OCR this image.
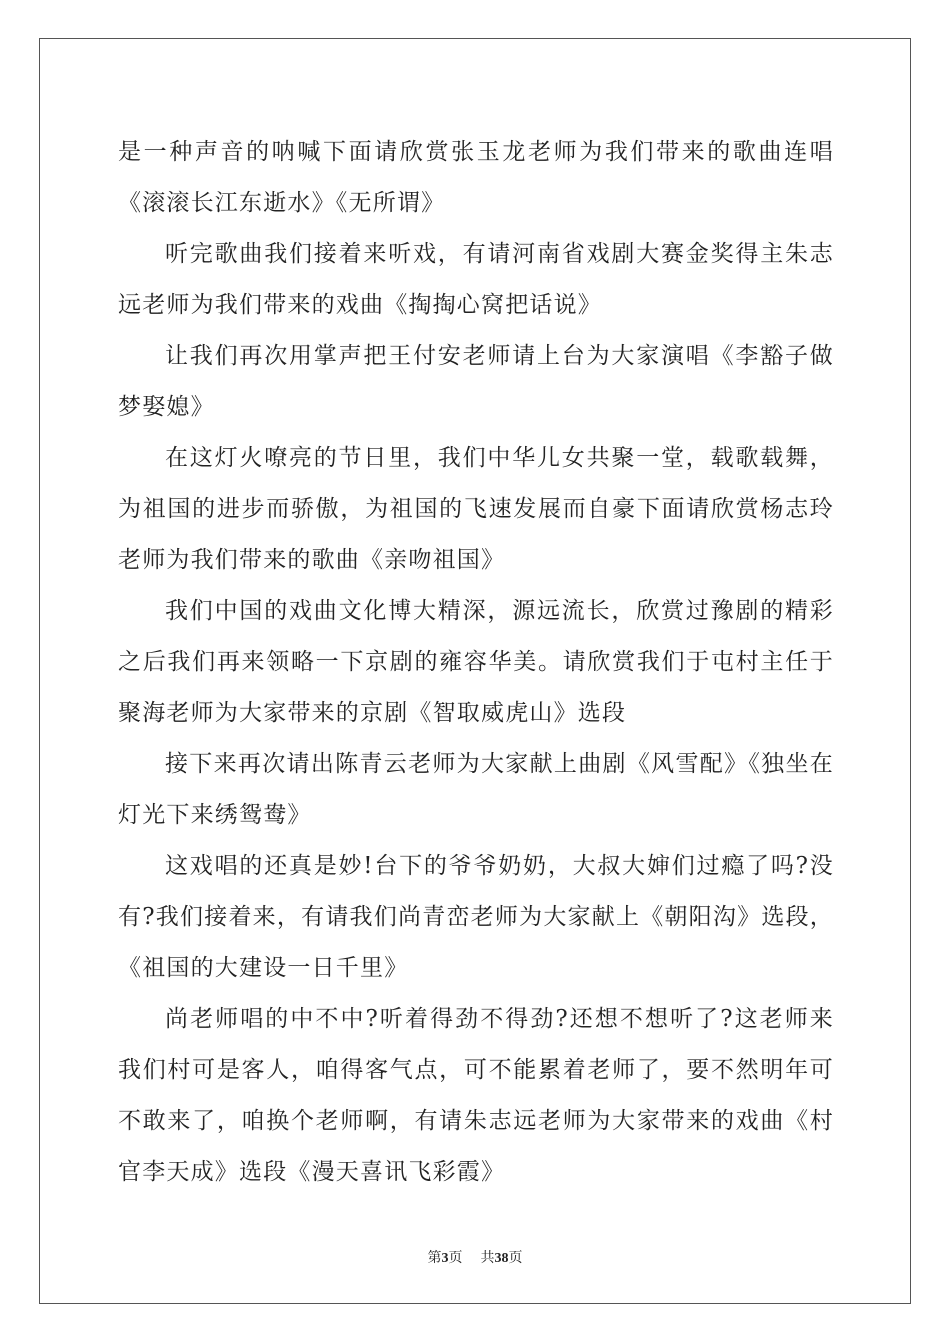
是一种声音的呐喊下面请欣赏张玉龙老师为我们带来的歌曲连唱《滚滚长江东逝水》《无所谓》

听完歌曲我们接着来听戏，有请河南省戏剧大赛金奖得主朱志远老师为我们带来的戏曲《掏掏心窝把话说》

让我们再次用掌声把王付安老师请上台为大家演唱《李豁子做梦娶媳》

在这灯火嘹亮的节日里，我们中华儿女共聚一堂，载歌载舞，为祖国的进步而骄傲，为祖国的飞速发展而自豪下面请欣赏杨志玲老师为我们带来的歌曲《亲吻祖国》

我们中国的戏曲文化博大精深，源远流长，欣赏过豫剧的精彩之后我们再来领略一下京剧的雍容华美。请欣赏我们于屯村主任于聚海老师为大家带来的京剧《智取威虎山》选段

接下来再次请出陈青云老师为大家献上曲剧《风雪配》《独坐在灯光下来绣鸳鸯》

这戏唱的还真是妙!台下的爷爷奶奶，大叔大婶们过瘾了吗?没有?我们接着来，有请我们尚青峦老师为大家献上《朝阳沟》选段，《祖国的大建设一日千里》

尚老师唱的中不中?听着得劲不得劲?还想不想听了?这老师来我们村可是客人，咱得客气点，可不能累着老师了，要不然明年可不敢来了，咱换个老师啊，有请朱志远老师为大家带来的戏曲《村官李天成》选段《漫天喜讯飞彩霞》

第3页 共38页
